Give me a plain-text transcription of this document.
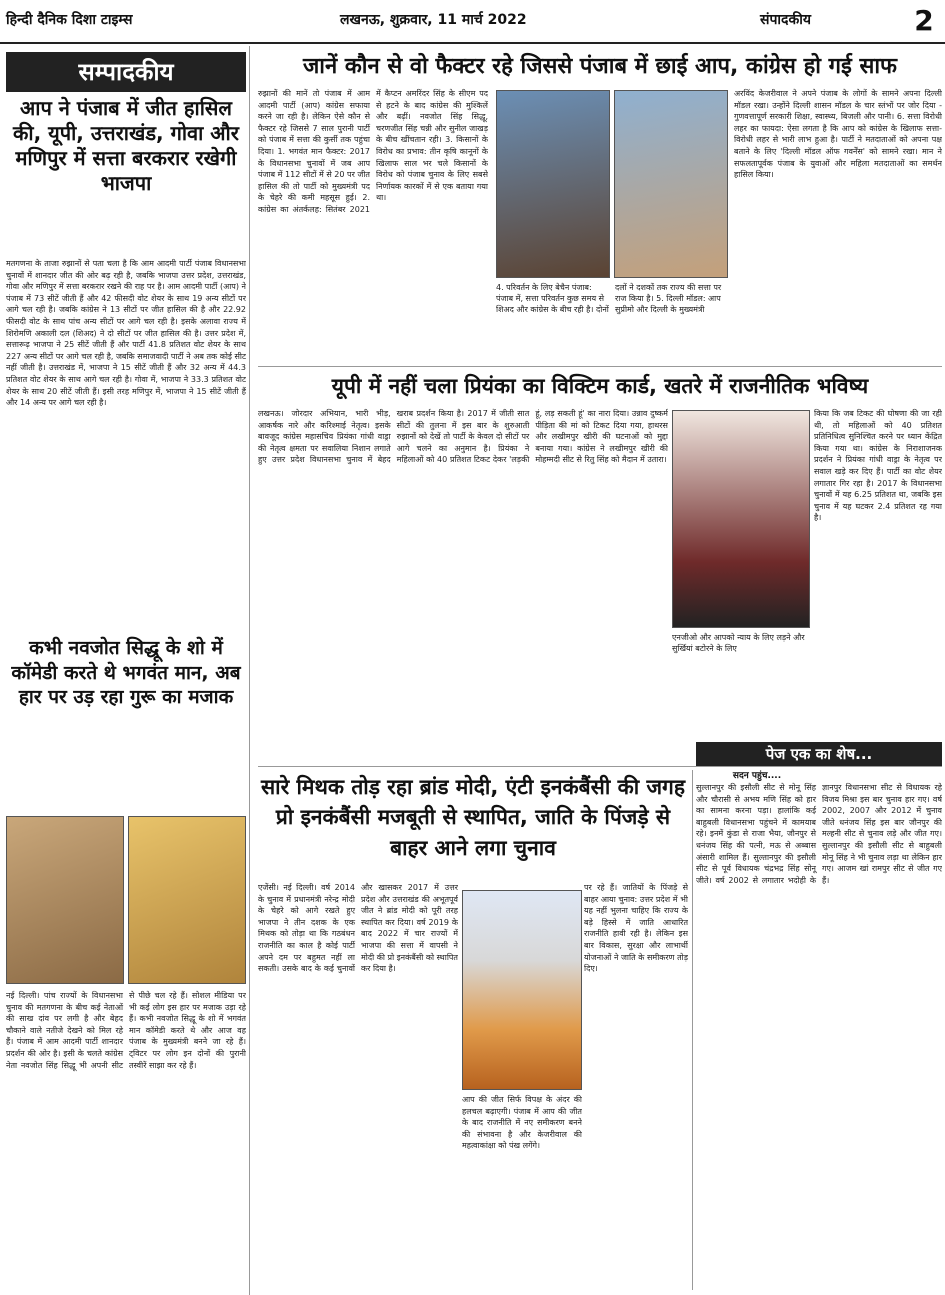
हिन्दी दैनिक दिशा टाइम्स	लखनऊ, शुक्रवार, 11 मार्च 2022	संपादकीय	2
सम्पादकीय
आप ने पंजाब में जीत हासिल की, यूपी, उत्तराखंड, गोवा और मणिपुर में सत्ता बरकरार रखेगी भाजपा
मतगणना के ताजा रुझानों से पता चला है कि आम आदमी पार्टी पंजाब विधानसभा चुनावों में शानदार जीत की ओर बढ़ रही है, जबकि भाजपा उत्तर प्रदेश, उत्तराखंड, गोवा और मणिपुर में सत्ता बरकरार रखने की राह पर है। आम आदमी पार्टी (आप) ने पंजाब में 73 सीटें जीती हैं और 42 फीसदी वोट शेयर के साथ 19 अन्य सीटों पर आगे चल रही है। जबकि कांग्रेस ने 13 सीटों पर जीत हासिल की है और 22.92 फीसदी वोट के साथ पांच अन्य सीटों पर आगे चल रही है। इसके अलावा राज्य में शिरोमणि अकाली दल (शिअद) ने दो सीटों पर जीत हासिल की है। उत्तर प्रदेश में, सत्तारूढ़ भाजपा ने 25 सीटें जीती हैं और पार्टी 41.8 प्रतिशत वोट शेयर के साथ 227 अन्य सीटों पर आगे चल रही है, जबकि समाजवादी पार्टी ने अब तक कोई सीट नहीं जीती है। उत्तराखंड में, भाजपा ने 15 सीटें जीती हैं और 32 अन्य में 44.3 प्रतिशत वोट शेयर के साथ आगे चल रही है। गोवा में, भाजपा ने 33.3 प्रतिशत वोट शेयर के साथ 20 सीटें जीती हैं। इसी तरह मणिपुर में, भाजपा ने 15 सीटें जीती हैं और 14 अन्य पर आगे चल रही है।
कभी नवजोत सिद्धू के शो में कॉमेडी करते थे भगवंत मान, अब हार पर उड़ रहा गुरू का मजाक
नई दिल्ली। पांच राज्यों के विधानसभा चुनाव की मतगणना के बीच कई नेताओं की साख दांव पर लगी है और बेहद चौकाने वाले नतीजे देखने को मिल रहे हैं। पंजाब में आम आदमी पार्टी शानदार प्रदर्शन की ओर है। इसी के चलते कांग्रेस नेता नवजोत सिंह सिद्धू भी अपनी सीट से पीछे चल रहे हैं। सोशल मीडिया पर भी कई लोग इस हार पर मजाक उड़ा रहे हैं। कभी नवजोत सिद्धू के शो में भगवंत मान कॉमेडी करते थे और आज वह पंजाब के मुख्यमंत्री बनने जा रहे हैं। ट्विटर पर लोग इन दोनों की पुरानी तस्वीरें साझा कर रहे हैं।
जानें कौन से वो फैक्टर रहे जिससे पंजाब में छाई आप, कांग्रेस हो गई साफ
रुझानों की मानें तो पंजाब में आम आदमी पार्टी (आप) कांग्रेस सफाया करने जा रही है। लेकिन ऐसे कौन से फैक्टर रहे जिससे 7 साल पुरानी पार्टी को पंजाब में सत्ता की कुर्सी तक पहुंचा दिया। 1. भगवंत मान फैक्टर: 2017 के विधानसभा चुनावों में जब आप पंजाब में 112 सीटों में से 20 पर जीत हासिल की तो पार्टी को मुख्यमंत्री पद के चेहरे की कमी महसूस हुई। 2. कांग्रेस का अंतर्कलह: सितंबर 2021 में कैप्टन अमरिंदर सिंह के सीएम पद से हटने के बाद कांग्रेस की मुश्किलें और बढ़ीं। नवजोत सिंह सिद्धू, चरणजीत सिंह चन्नी और सुनील जाखड़ के बीच खींचतान रही। 3. किसानों के विरोध का प्रभाव: तीन कृषि कानूनों के खिलाफ साल भर चले किसानों के विरोध को पंजाब चुनाव के लिए सबसे निर्णायक कारकों में से एक बताया गया था।
4. परिवर्तन के लिए बेचैन पंजाब: पंजाब में, सत्ता परिवर्तन कुछ समय से शिअद और कांग्रेस के बीच रही है। दोनों दलों ने दशकों तक राज्य की सत्ता पर राज किया है। 5. दिल्ली मॉडल: आप सुप्रीमो और दिल्ली के मुख्यमंत्री
अरविंद केजरीवाल ने अपने पंजाब के लोगों के सामने अपना दिल्ली मॉडल रखा। उन्होंने दिल्ली शासन मॉडल के चार स्तंभों पर जोर दिया - गुणवत्तापूर्ण सरकारी शिक्षा, स्वास्थ्य, बिजली और पानी। 6. सत्ता विरोधी लहर का फायदा: ऐसा लगता है कि आप को कांग्रेस के खिलाफ सत्ता-विरोधी लहर से भारी लाभ हुआ है। पार्टी ने मतदाताओं को अपना पक्ष बताने के लिए 'दिल्ली मॉडल ऑफ गवर्नेंस' को सामने रखा। मान ने सफलतापूर्वक पंजाब के युवाओं और महिला मतदाताओं का समर्थन हासिल किया।
यूपी में नहीं चला प्रियंका का विक्टिम कार्ड, खतरे में राजनीतिक भविष्य
लखनऊ। जोरदार अभियान, भारी भीड़, आकर्षक नारे और करिश्माई नेतृत्व। इसके बावजूद कांग्रेस महासचिव प्रियंका गांधी वाड्रा की नेतृत्व क्षमता पर सवालिया निशान लगाते हुए उत्तर प्रदेश विधानसभा चुनाव में बेहद खराब प्रदर्शन किया है। 2017 में जीती सात सीटों की तुलना में इस बार के शुरुआती रुझानों को देखें तो पार्टी के केवल दो सीटों पर आगे चलने का अनुमान है। प्रियंका ने महिलाओं को 40 प्रतिशत टिकट देकर 'लड़की हूं, लड़ सकती हूं' का नारा दिया। उन्नाव दुष्कर्म पीड़िता की मां को टिकट दिया गया, हाथरस और लखीमपुर खीरी की घटनाओं को मुद्दा बनाया गया। कांग्रेस ने लखीमपुर खीरी की मोहम्मदी सीट से रितु सिंह को मैदान में उतारा।
एनजीओ और आपको न्याय के लिए लड़ने और सुर्खियां बटोरने के लिए
किया कि जब टिकट की घोषणा की जा रही थी, तो महिलाओं को 40 प्रतिशत प्रतिनिधित्व सुनिश्चित करने पर ध्यान केंद्रित किया गया था। कांग्रेस के निराशाजनक प्रदर्शन ने प्रियंका गांधी वाड्रा के नेतृत्व पर सवाल खड़े कर दिए हैं। पार्टी का वोट शेयर लगातार गिर रहा है। 2017 के विधानसभा चुनावों में यह 6.25 प्रतिशत था, जबकि इस चुनाव में यह घटकर 2.4 प्रतिशत रह गया है।
पेज एक का शेष...
सदन पहुंच....
सुल्तानपुर की इसौली सीट से मोनू सिंह और चौरासी से अभय मणि सिंह को हार का सामना करना पड़ा। हालांकि कई बाहुबली विधानसभा पहुंचने में कामयाब रहे। इनमें कुंडा से राजा भैया, जौनपुर से धनंजय सिंह की पत्नी, मऊ से अब्बास अंसारी शामिल हैं। सुल्तानपुर की इसौली सीट से पूर्व विधायक चंद्रभद्र सिंह सोनू जीते। वर्ष 2002 से लगातार भदोही के ज्ञानपुर विधानसभा सीट से विधायक रहे विजय मिश्रा इस बार चुनाव हार गए। वर्ष 2002, 2007 और 2012 में चुनाव जीते धनंजय सिंह इस बार जौनपुर की मल्हनी सीट से चुनाव लड़े और जीत गए। सुल्तानपुर की इसौली सीट से बाहुबली मोनू सिंह ने भी चुनाव लड़ा था लेकिन हार गए। आजम खां रामपुर सीट से जीत गए हैं।
सारे मिथक तोड़ रहा ब्रांड मोदी, एंटी इनकंबैंसी की जगह प्रो इनकंबैंसी मजबूती से स्थापित, जाति के पिंजड़े से बाहर आने लगा चुनाव
एजेंसी। नई दिल्ली। वर्ष 2014 के चुनाव में प्रधानमंत्री नरेन्द्र मोदी के चेहरे को आगे रखते हुए भाजपा ने तीन दशक के एक मिथक को तोड़ा था कि गठबंधन राजनीति का काल है कोई पार्टी अपने दम पर बहुमत नहीं ला सकती। उसके बाद के कई चुनावों और खासकर 2017 में उत्तर प्रदेश और उत्तराखंड की अभूतपूर्व जीत ने ब्रांड मोदी को पूरी तरह स्थापित कर दिया। वर्ष 2019 के बाद 2022 में चार राज्यों में भाजपा की सत्ता में वापसी ने मोदी की प्रो इनकंबैंसी को स्थापित कर दिया है।
आप की जीत सिर्फ विपक्ष के अंदर की हलचल बढ़ाएगी। पंजाब में आप की जीत के बाद राजनीति में नए समीकरण बनने की संभावना है और केजरीवाल की महत्वाकांक्षा को पंख लगेंगे।
पर रहे हैं। जातियों के पिंजड़े से बाहर आया चुनाव: उत्तर प्रदेश में भी यह नहीं भुलना चाहिए कि राज्य के बड़े हिस्से में जाति आधारित राजनीति हावी रही है। लेकिन इस बार विकास, सुरक्षा और लाभार्थी योजनाओं ने जाति के समीकरण तोड़ दिए।
